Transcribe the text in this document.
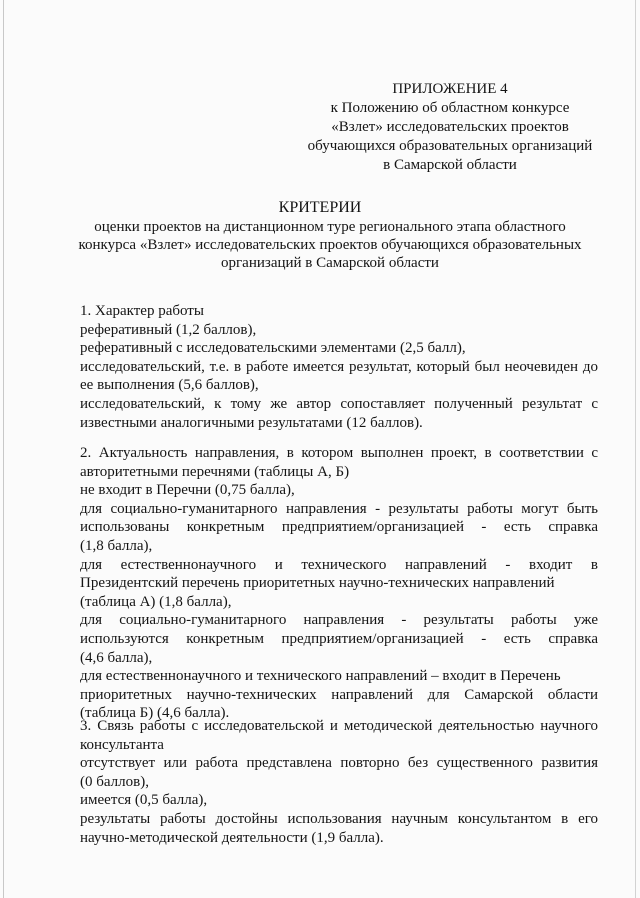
ПРИЛОЖЕНИЕ 4
к Положению об областном конкурсе
«Взлет» исследовательских проектов
обучающихся образовательных организаций
в Самарской области
КРИТЕРИИ
оценки проектов на дистанционном туре регионального этапа областного
конкурса «Взлет» исследовательских проектов обучающихся образовательных
организаций в Самарской области
1. Характер работы
реферативный (1,2 баллов),
реферативный с исследовательскими элементами (2,5 балл),
исследовательский, т.е. в работе имеется результат, который был неочевиден до
ее выполнения (5,6 баллов),
исследовательский, к тому же автор сопоставляет полученный результат с
известными аналогичными результатами (12 баллов).
2. Актуальность направления, в котором выполнен проект, в соответствии с
авторитетными перечнями (таблицы А, Б)
не входит в Перечни (0,75 балла),
для социально-гуманитарного направления - результаты работы могут быть
использованы конкретным предприятием/организацией - есть справка
(1,8 балла),
для естественнонаучного и технического направлений - входит в
Президентский перечень приоритетных научно-технических направлений
(таблица А) (1,8 балла),
для социально-гуманитарного направления - результаты работы уже
используются конкретным предприятием/организацией - есть справка
(4,6 балла),
для естественнонаучного и технического направлений – входит в Перечень
приоритетных научно-технических направлений для Самарской области
(таблица Б) (4,6 балла).
3. Связь работы с исследовательской и методической деятельностью научного
консультанта
отсутствует или работа представлена повторно без существенного развития
(0 баллов),
имеется (0,5 балла),
результаты работы достойны использования научным консультантом в его
научно-методической деятельности (1,9 балла).
